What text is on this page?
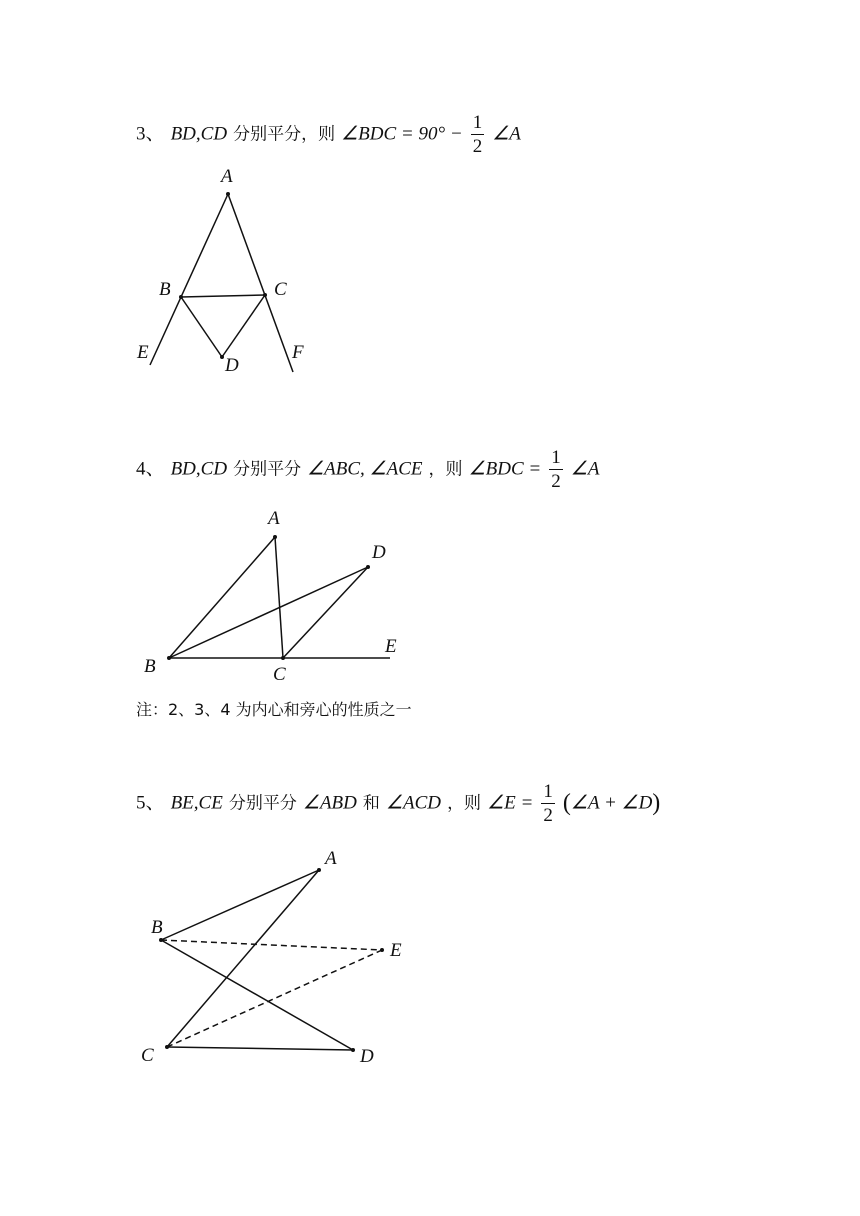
3、 BD,CD 分别平分，则 ∠BDC = $90^\circ - \frac{1}{2}$ ∠A
A
B	C
D
E	F
4、 BD,CD 分别平分 ∠ABC, ∠ACE ，则 ∠BDC = $\frac{1}{2}$ ∠A
A
B	C
D
E
注：2、3、4 为内心和旁心的性质之一
5、 BE,CE 分别平分 ∠ABD 和 ∠ACD ，则 ∠E = $\frac{1}{2}$ (∠A + ∠D)
A
B
C	D
E
